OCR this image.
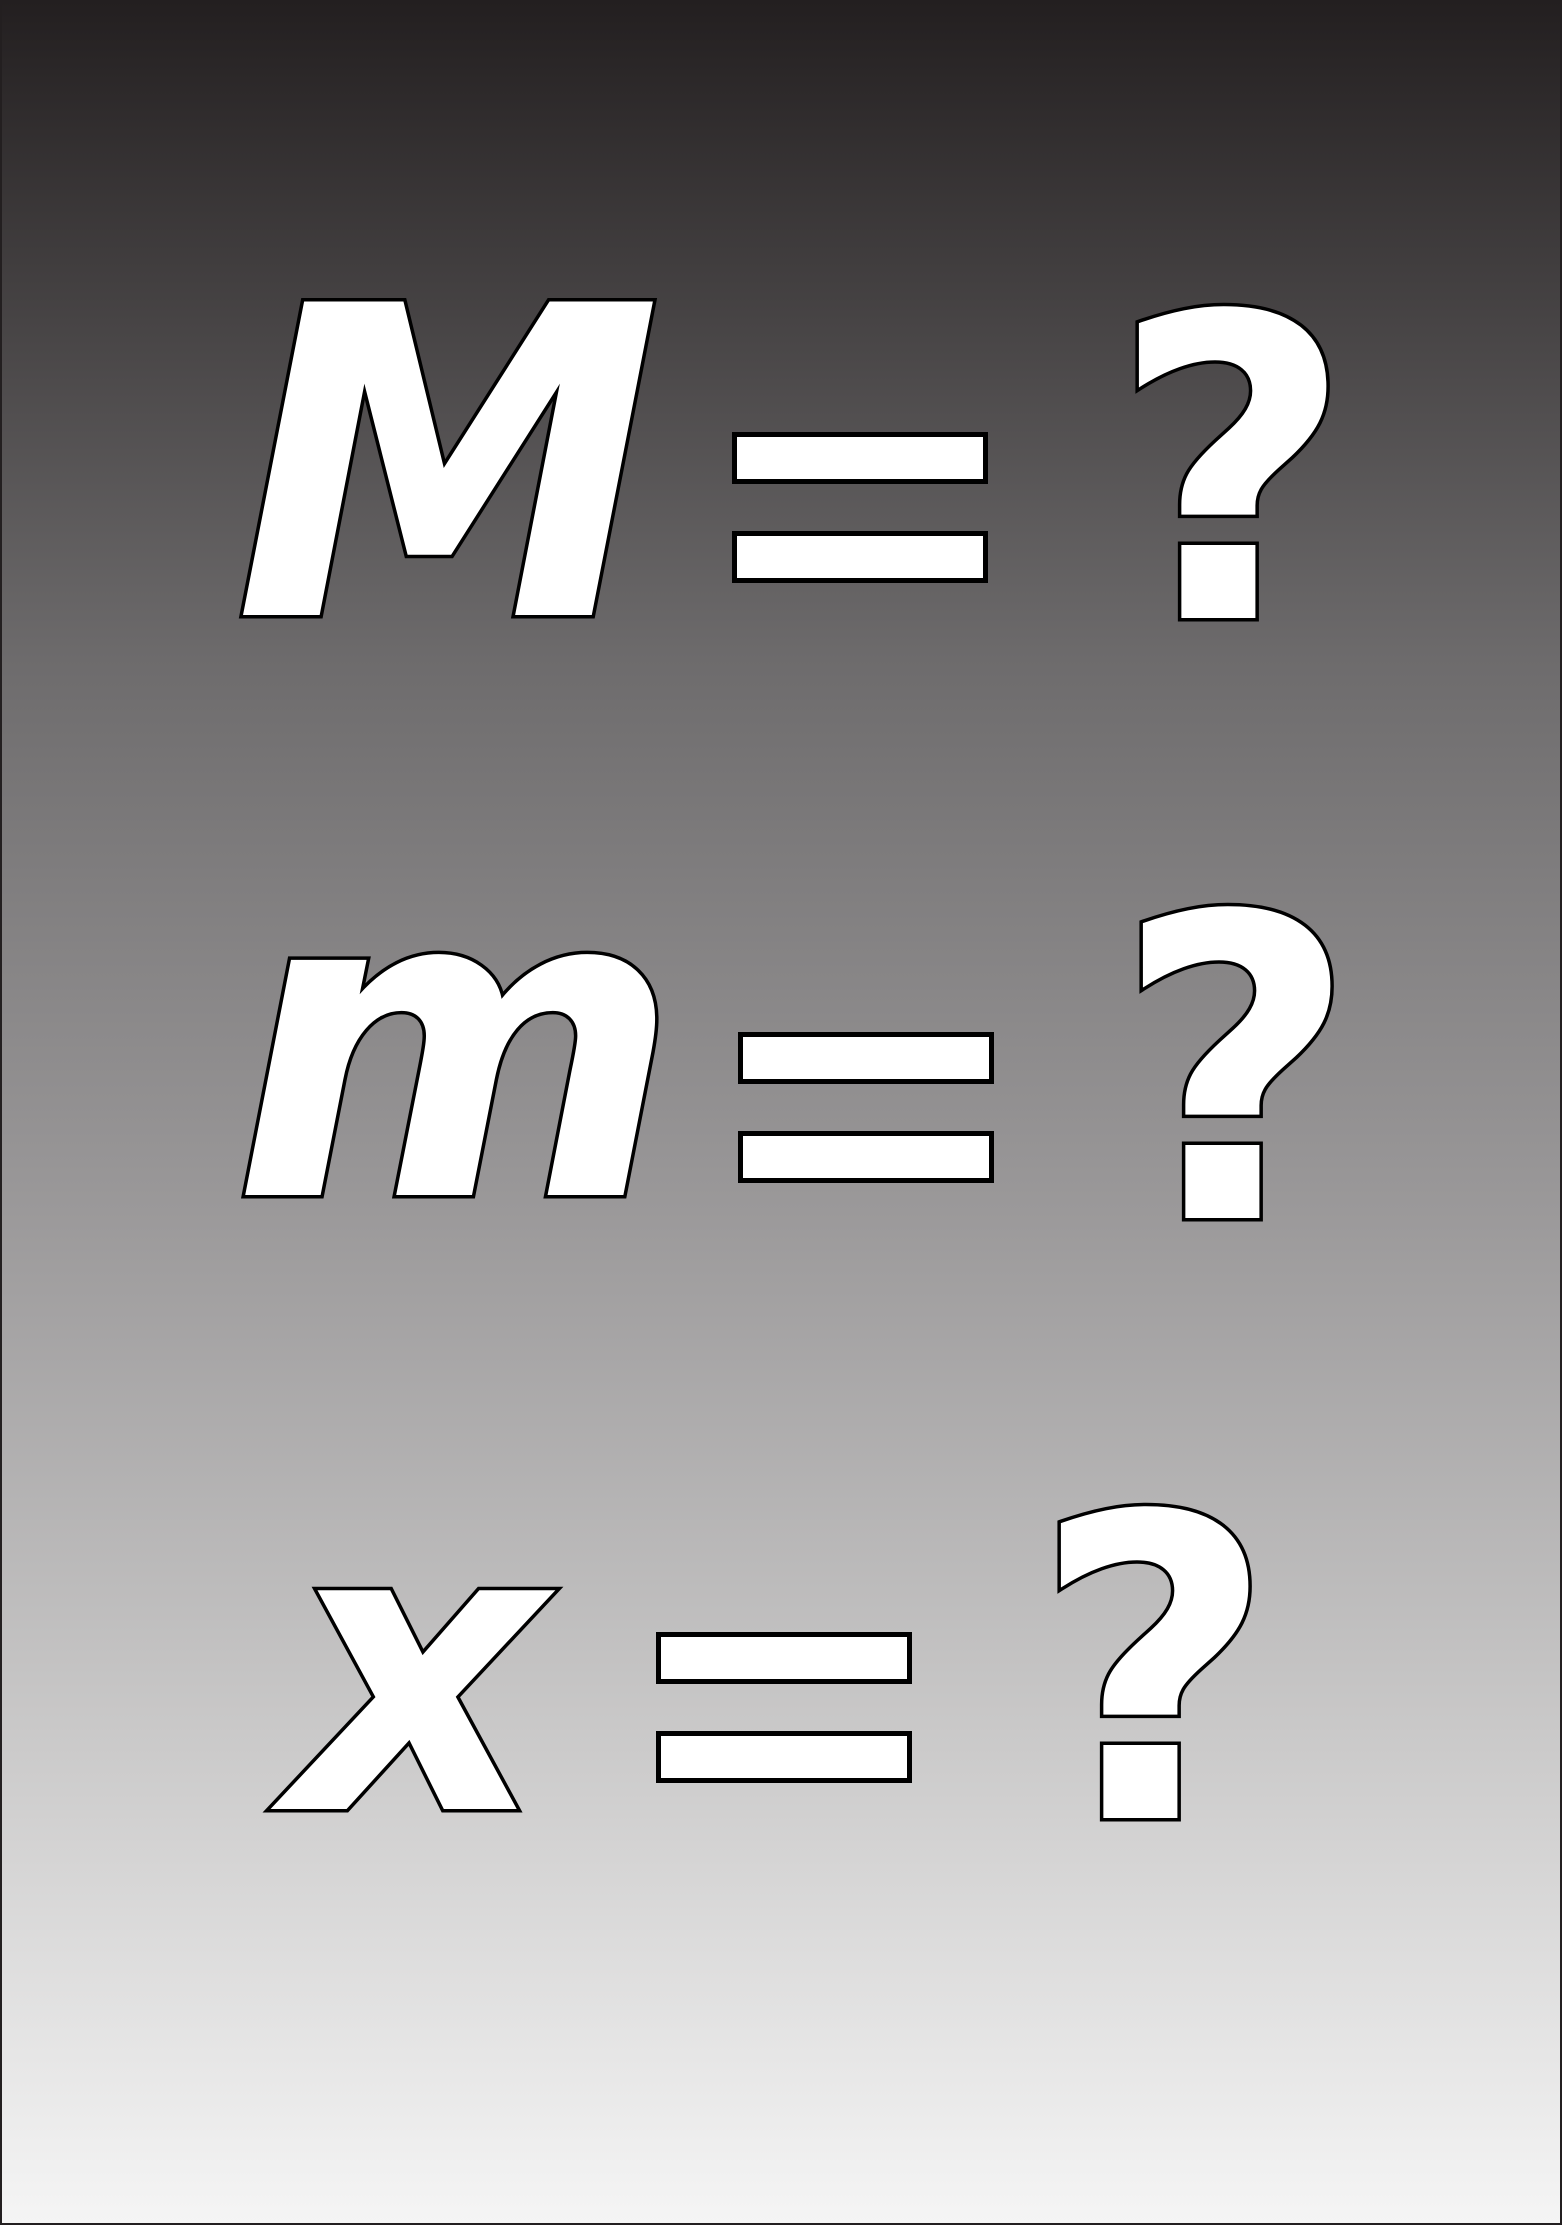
M ?
m ?
x ?
